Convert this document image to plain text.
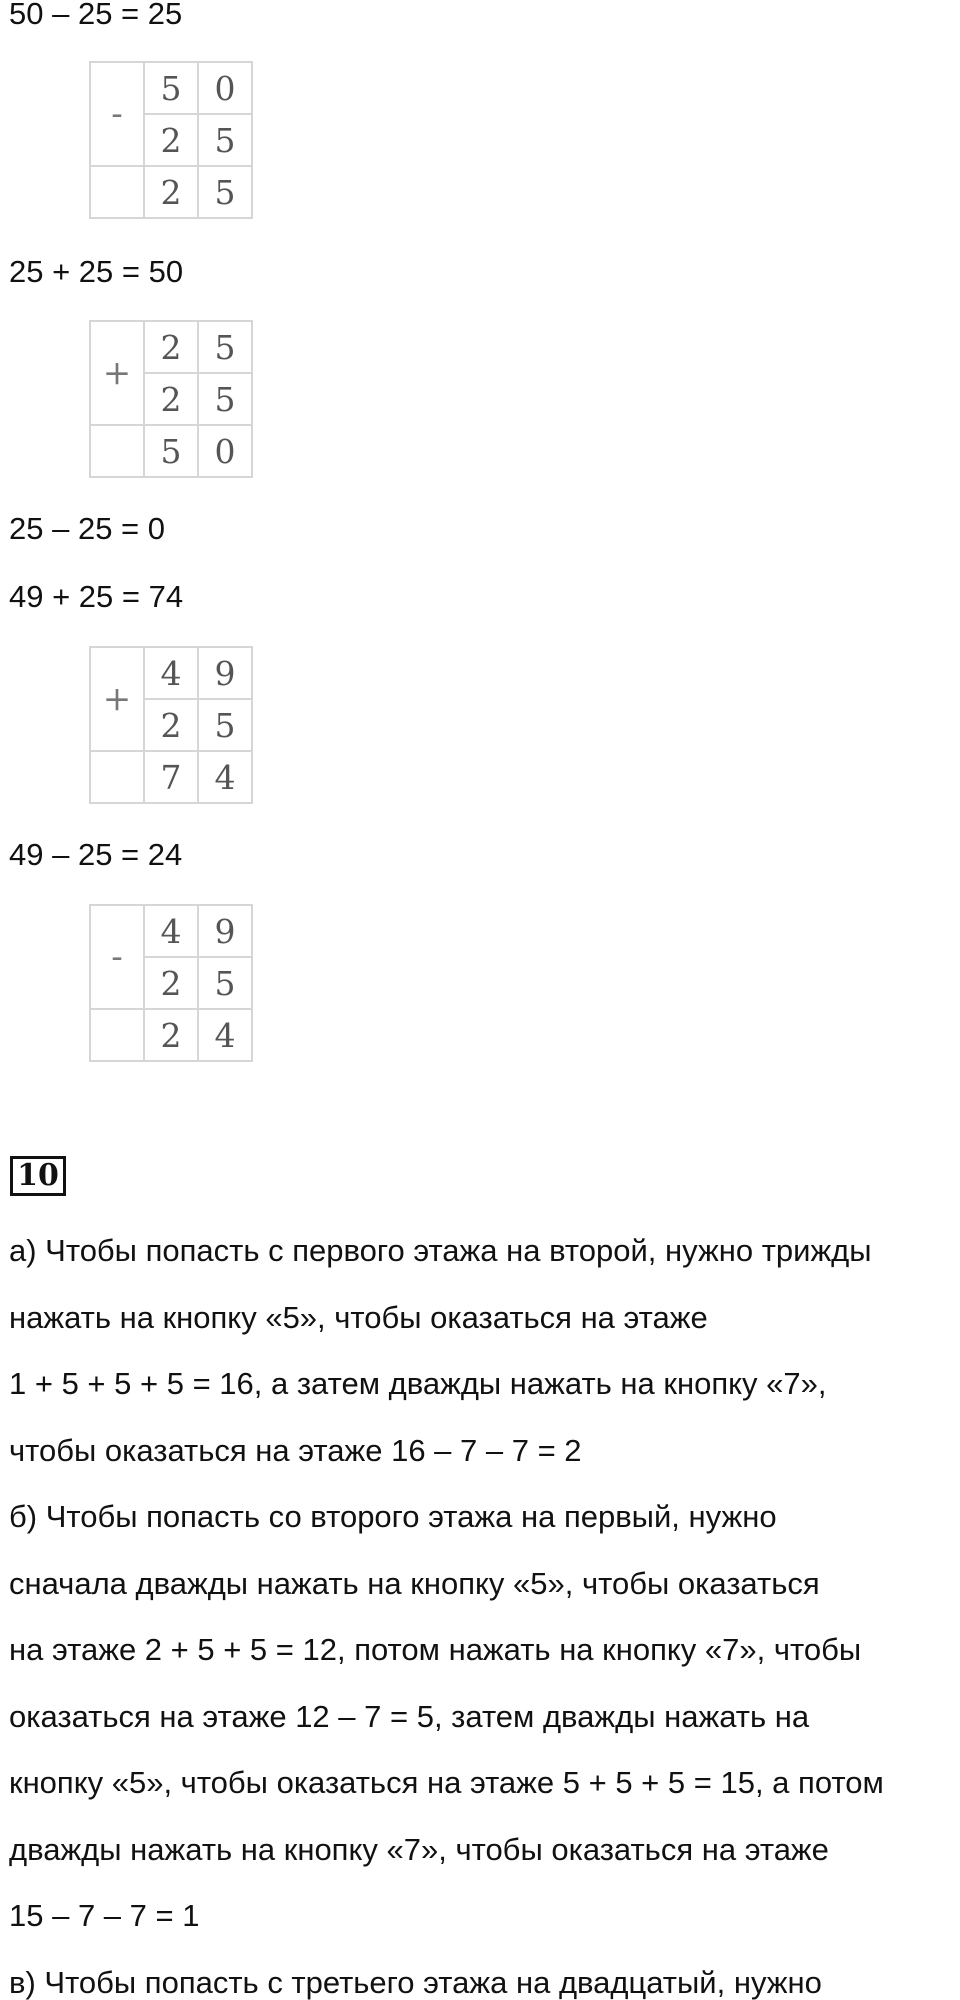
50 – 25 = 25

-	5	0
	2	5
	2	5

25 + 25 = 50

+	2	5
	2	5
	5	0

25 – 25 = 0

49 + 25 = 74

+	4	9
	2	5
	7	4

49 – 25 = 24

-	4	9
	2	5
	2	4
10
а) Чтобы попасть с первого этажа на второй, нужно трижды
нажать на кнопку «5», чтобы оказаться на этаже
1 + 5 + 5 + 5 = 16, а затем дважды нажать на кнопку «7»,
чтобы оказаться на этаже 16 – 7 – 7 = 2
б) Чтобы попасть со второго этажа на первый, нужно
сначала дважды нажать на кнопку «5», чтобы оказаться
на этаже 2 + 5 + 5 = 12, потом нажать на кнопку «7», чтобы
оказаться на этаже 12 – 7 = 5, затем дважды нажать на
кнопку «5», чтобы оказаться на этаже 5 + 5 + 5 = 15, а потом
дважды нажать на кнопку «7», чтобы оказаться на этаже
15 – 7 – 7 = 1
в) Чтобы попасть с третьего этажа на двадцатый, нужно
